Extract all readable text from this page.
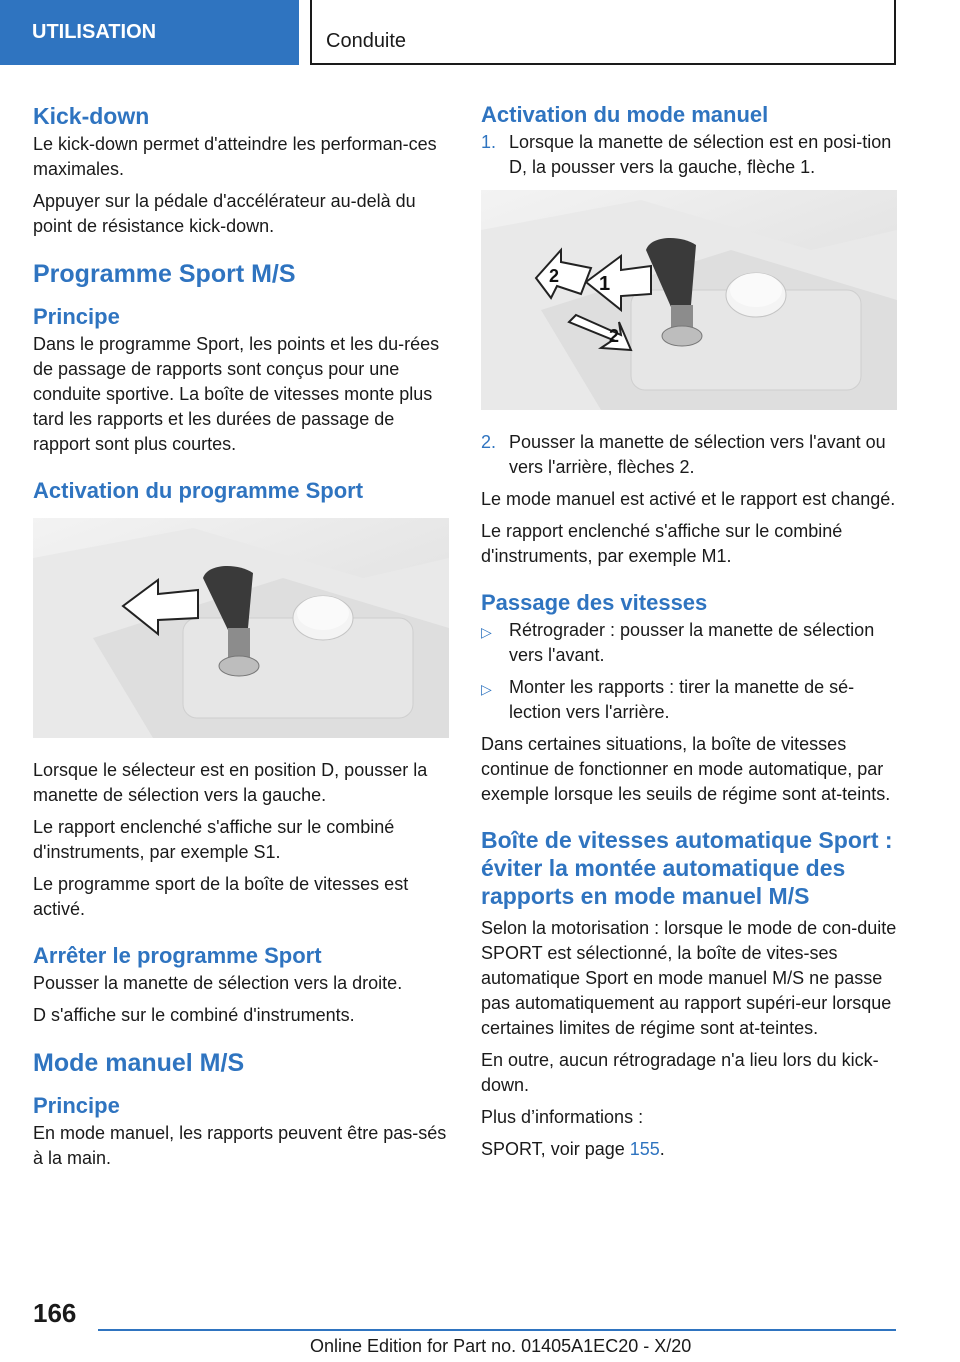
UTILISATION	Conduite
Kick-down

Le kick-down permet d'atteindre les performan-ces maximales.

Appuyer sur la pédale d'accélérateur au-delà du point de résistance kick-down.

Programme Sport M/S
Principe

Dans le programme Sport, les points et les du-rées de passage de rapports sont conçus pour une conduite sportive. La boîte de vitesses monte plus tard les rapports et les durées de passage de rapport sont plus courtes.

Activation du programme Sport

Lorsque le sélecteur est en position D, pousser la manette de sélection vers la gauche.

Le rapport enclenché s'affiche sur le combiné d'instruments, par exemple S1.

Le programme sport de la boîte de vitesses est activé.

Arrêter le programme Sport

Pousser la manette de sélection vers la droite.

D s'affiche sur le combiné d'instruments.

Mode manuel M/S
Principe

En mode manuel, les rapports peuvent être pas-sés à la main.

Activation du mode manuel
1. Lorsque la manette de sélection est en posi-tion D, la pousser vers la gauche, flèche 1.
1
2
2
2. Pousser la manette de sélection vers l'avant ou vers l'arrière, flèches 2.

Le mode manuel est activé et le rapport est changé.

Le rapport enclenché s'affiche sur le combiné d'instruments, par exemple M1.

Passage des vitesses
▷ Rétrograder : pousser la manette de sélection vers l'avant.
▷ Monter les rapports : tirer la manette de sé-lection vers l'arrière.

Dans certaines situations, la boîte de vitesses continue de fonctionner en mode automatique, par exemple lorsque les seuils de régime sont at-teints.

Boîte de vitesses automatique Sport : éviter la montée automatique des rapports en mode manuel M/S

Selon la motorisation : lorsque le mode de con-duite SPORT est sélectionné, la boîte de vites-ses automatique Sport en mode manuel M/S ne passe pas automatiquement au rapport supéri-eur lorsque certaines limites de régime sont at-teintes.

En outre, aucun rétrogradage n'a lieu lors du kick-down.

Plus d’informations :

SPORT, voir page 155.

166
Online Edition for Part no. 01405A1EC20 - X/20
